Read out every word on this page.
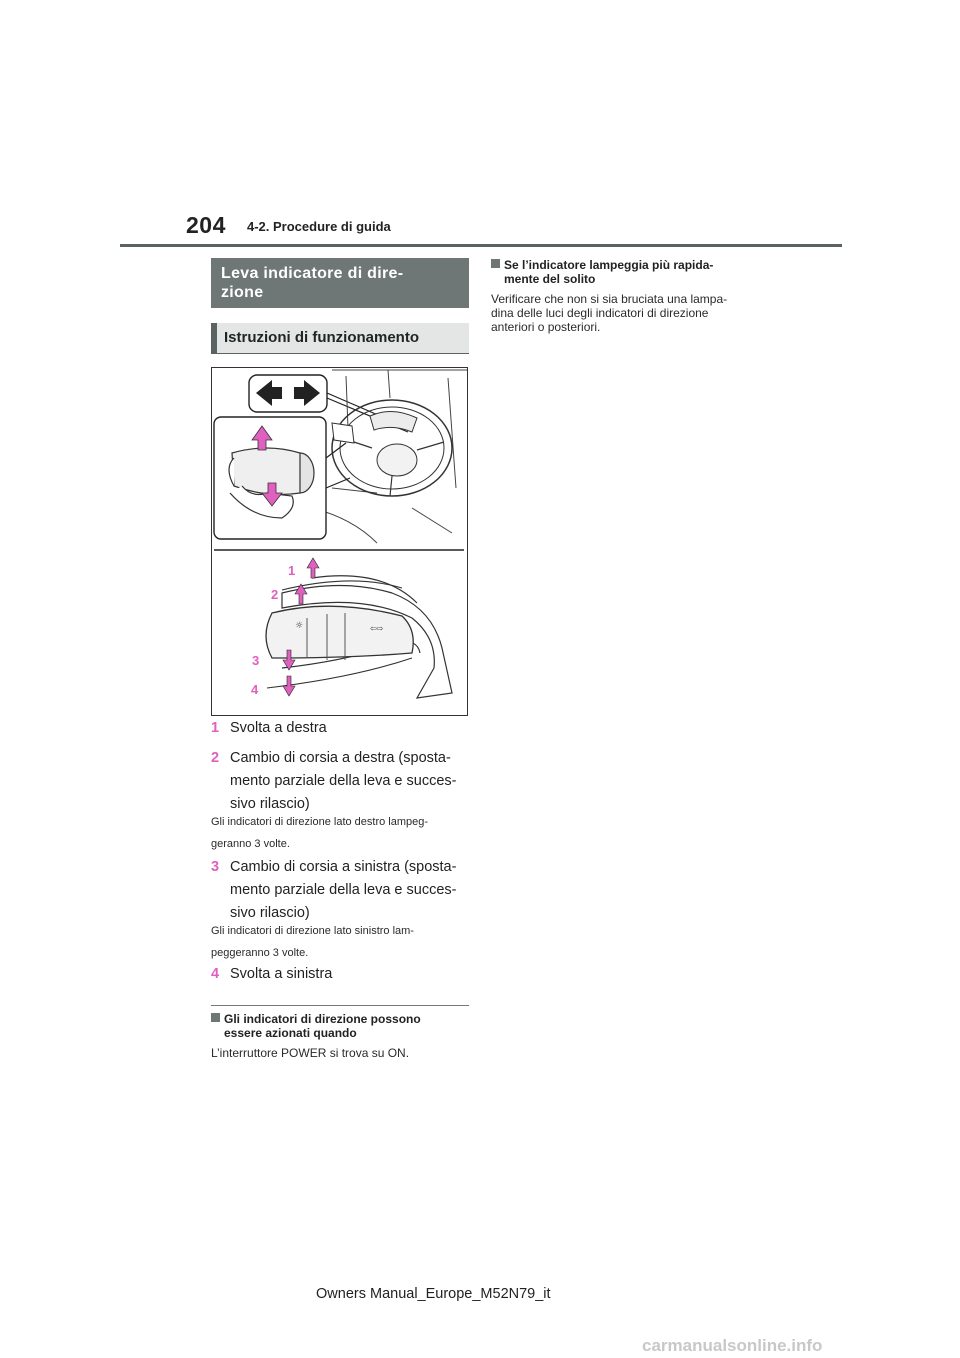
204 4-2. Procedure di guida
Leva indicatore di dire-
zione
Istruzioni di funzionamento
☼	⇦⇨
1
2
3
4
1 Svolta a destra
2 Cambio di corsia a destra (sposta-
mento parziale della leva e succes-
sivo rilascio)
Gli indicatori di direzione lato destro lampeg-
geranno 3 volte.
3 Cambio di corsia a sinistra (sposta-
mento parziale della leva e succes-
sivo rilascio)
Gli indicatori di direzione lato sinistro lam-
peggeranno 3 volte.
4 Svolta a sinistra
Gli indicatori di direzione possono
essere azionati quando
L’interruttore POWER si trova su ON.
Se l’indicatore lampeggia più rapida-
mente del solito
Verificare che non si sia bruciata una lampa-
dina delle luci degli indicatori di direzione
anteriori o posteriori.
Owners Manual_Europe_M52N79_it
carmanualsonline.info
